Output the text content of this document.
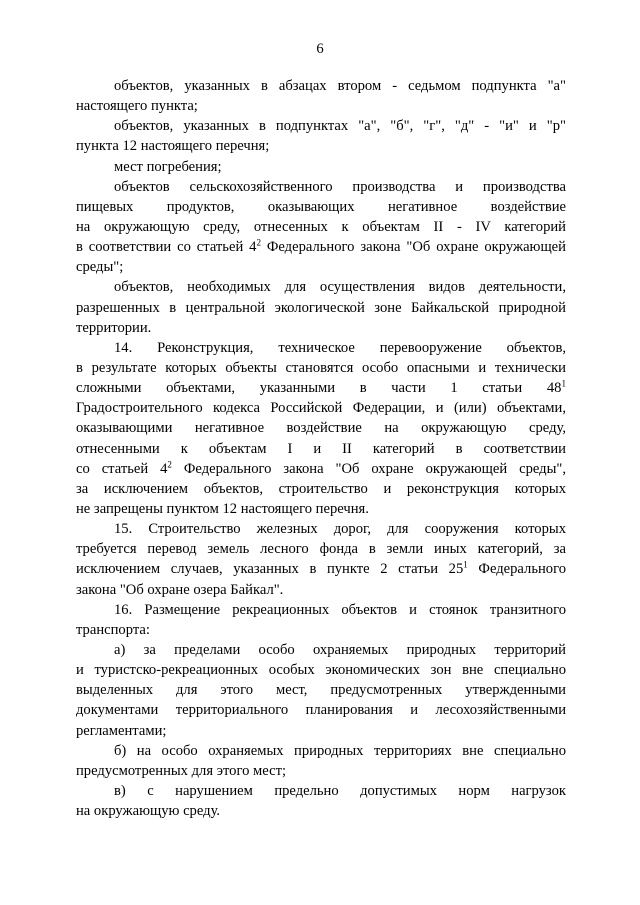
6
объектов, указанных в абзацах втором - седьмом подпункта "а"
настоящего пункта;
объектов, указанных в подпунктах "а", "б", "г", "д" - "и" и "р"
пункта 12 настоящего перечня;
мест погребения;
объектов сельскохозяйственного производства и производства
пищевых продуктов, оказывающих негативное воздействие
на окружающую среду, отнесенных к объектам II - IV категорий
в соответствии со статьей $4^2$ Федерального закона "Об охране окружающей
среды";
объектов, необходимых для осуществления видов деятельности,
разрешенных в центральной экологической зоне Байкальской природной
территории.
14. Реконструкция, техническое перевооружение объектов,
в результате которых объекты становятся особо опасными и технически
сложными объектами, указанными в части 1 статьи $48^1$
Градостроительного кодекса Российской Федерации, и (или) объектами,
оказывающими негативное воздействие на окружающую среду,
отнесенными к объектам I и II категорий в соответствии
со статьей $4^2$ Федерального закона "Об охране окружающей среды",
за исключением объектов, строительство и реконструкция которых
не запрещены пунктом 12 настоящего перечня.
15. Строительство железных дорог, для сооружения которых
требуется перевод земель лесного фонда в земли иных категорий, за
исключением случаев, указанных в пункте 2 статьи $25^1$ Федерального
закона "Об охране озера Байкал".
16. Размещение рекреационных объектов и стоянок транзитного
транспорта:
а) за пределами особо охраняемых природных территорий
и туристско-рекреационных особых экономических зон вне специально
выделенных для этого мест, предусмотренных утвержденными
документами территориального планирования и лесохозяйственными
регламентами;
б) на особо охраняемых природных территориях вне специально
предусмотренных для этого мест;
в) с нарушением предельно допустимых норм нагрузок
на окружающую среду.
